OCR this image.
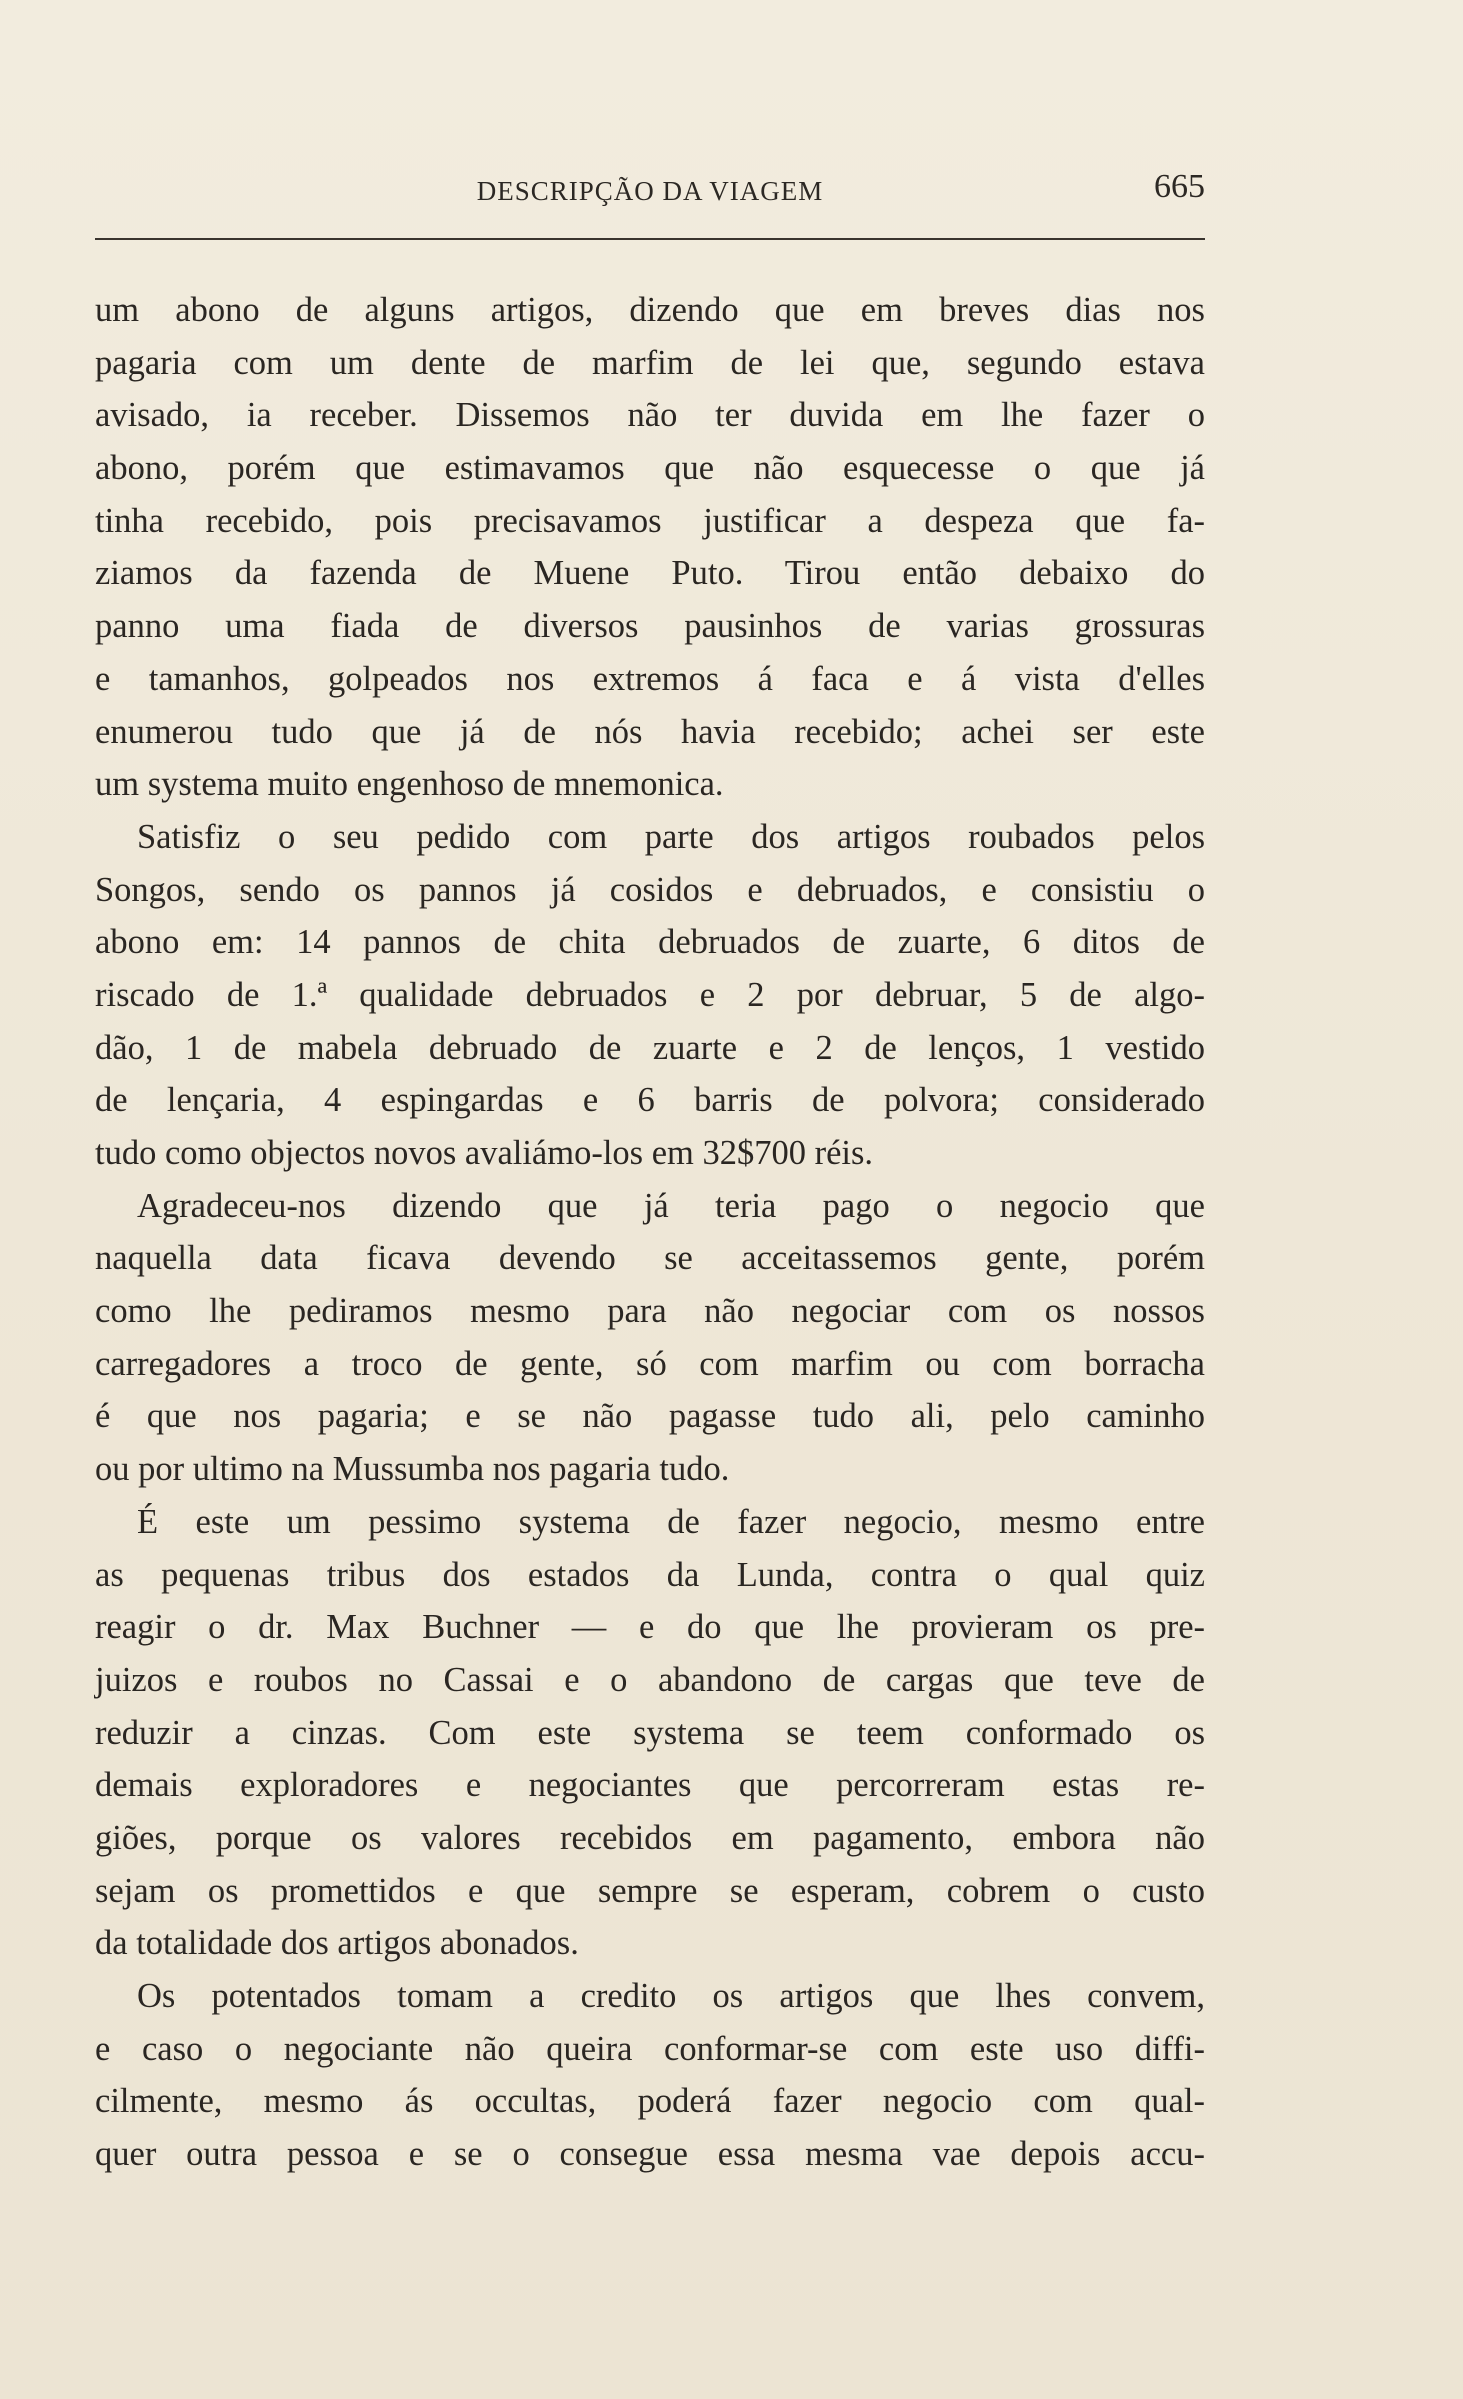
DESCRIPÇÃO DA VIAGEM	665
um abono de alguns artigos, dizendo que em breves dias nos
pagaria com um dente de marfim de lei que, segundo estava
avisado, ia receber. Dissemos não ter duvida em lhe fazer o
abono, porém que estimavamos que não esquecesse o que já
tinha recebido, pois precisavamos justificar a despeza que fa-
ziamos da fazenda de Muene Puto. Tirou então debaixo do
panno uma fiada de diversos pausinhos de varias grossuras
e tamanhos, golpeados nos extremos á faca e á vista d'elles
enumerou tudo que já de nós havia recebido; achei ser este
um systema muito engenhoso de mnemonica.
Satisfiz o seu pedido com parte dos artigos roubados pelos
Songos, sendo os pannos já cosidos e debruados, e consistiu o
abono em: 14 pannos de chita debruados de zuarte, 6 ditos de
riscado de 1.ª qualidade debruados e 2 por debruar, 5 de algo-
dão, 1 de mabela debruado de zuarte e 2 de lenços, 1 vestido
de lençaria, 4 espingardas e 6 barris de polvora; considerado
tudo como objectos novos avaliámo-los em 32$700 réis.
Agradeceu-nos dizendo que já teria pago o negocio que
naquella data ficava devendo se acceitassemos gente, porém
como lhe pediramos mesmo para não negociar com os nossos
carregadores a troco de gente, só com marfim ou com borracha
é que nos pagaria; e se não pagasse tudo ali, pelo caminho
ou por ultimo na Mussumba nos pagaria tudo.
É este um pessimo systema de fazer negocio, mesmo entre
as pequenas tribus dos estados da Lunda, contra o qual quiz
reagir o dr. Max Buchner — e do que lhe provieram os pre-
juizos e roubos no Cassai e o abandono de cargas que teve de
reduzir a cinzas. Com este systema se teem conformado os
demais exploradores e negociantes que percorreram estas re-
giões, porque os valores recebidos em pagamento, embora não
sejam os promettidos e que sempre se esperam, cobrem o custo
da totalidade dos artigos abonados.
Os potentados tomam a credito os artigos que lhes convem,
e caso o negociante não queira conformar-se com este uso diffi-
cilmente, mesmo ás occultas, poderá fazer negocio com qual-
quer outra pessoa e se o consegue essa mesma vae depois accu-
